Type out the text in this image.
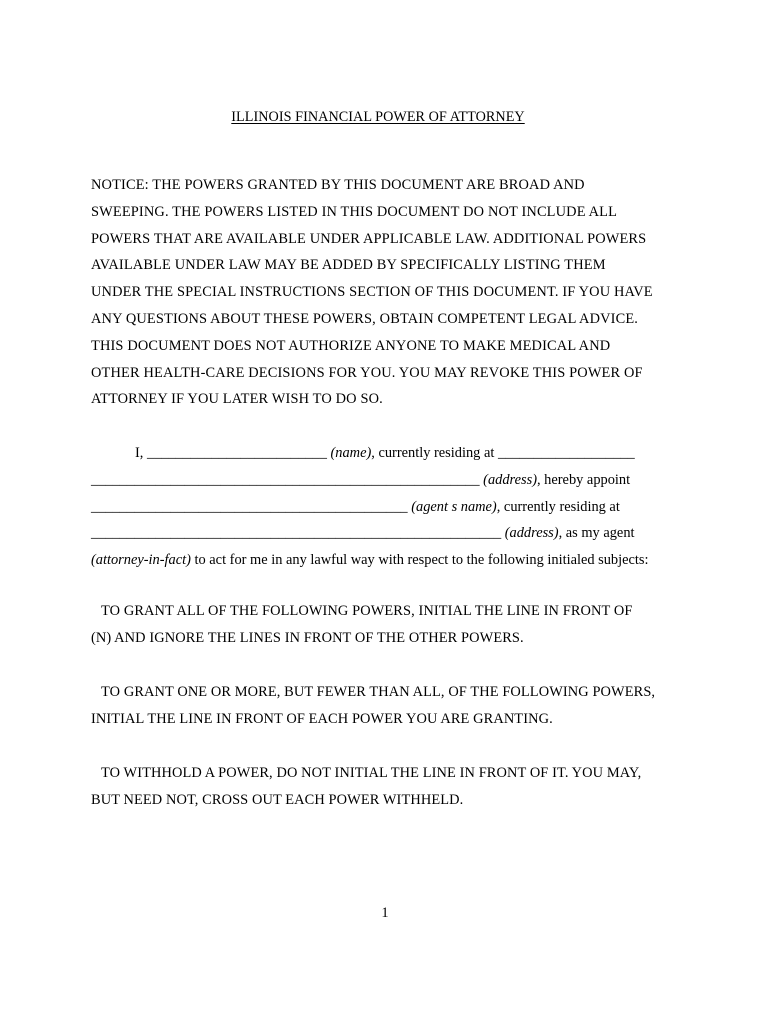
ILLINOIS FINANCIAL POWER OF ATTORNEY
NOTICE: THE POWERS GRANTED BY THIS DOCUMENT ARE BROAD AND
SWEEPING. THE POWERS LISTED IN THIS DOCUMENT DO NOT INCLUDE ALL
POWERS THAT ARE AVAILABLE UNDER APPLICABLE LAW. ADDITIONAL POWERS
AVAILABLE UNDER LAW MAY BE ADDED BY SPECIFICALLY LISTING THEM
UNDER THE SPECIAL INSTRUCTIONS SECTION OF THIS DOCUMENT. IF YOU HAVE
ANY QUESTIONS ABOUT THESE POWERS, OBTAIN COMPETENT LEGAL ADVICE.
THIS DOCUMENT DOES NOT AUTHORIZE ANYONE TO MAKE MEDICAL AND
OTHER HEALTH-CARE DECISIONS FOR YOU. YOU MAY REVOKE THIS POWER OF
ATTORNEY IF YOU LATER WISH TO DO SO.
I, _________________________ (name), currently residing at ___________________
______________________________________________________ (address), hereby appoint
____________________________________________ (agent s name), currently residing at
_________________________________________________________ (address), as my agent
(attorney-in-fact) to act for me in any lawful way with respect to the following initialed subjects:
TO GRANT ALL OF THE FOLLOWING POWERS, INITIAL THE LINE IN FRONT OF
(N) AND IGNORE THE LINES IN FRONT OF THE OTHER POWERS.
TO GRANT ONE OR MORE, BUT FEWER THAN ALL, OF THE FOLLOWING POWERS,
INITIAL THE LINE IN FRONT OF EACH POWER YOU ARE GRANTING.
TO WITHHOLD A POWER, DO NOT INITIAL THE LINE IN FRONT OF IT. YOU MAY,
BUT NEED NOT, CROSS OUT EACH POWER WITHHELD.
1
